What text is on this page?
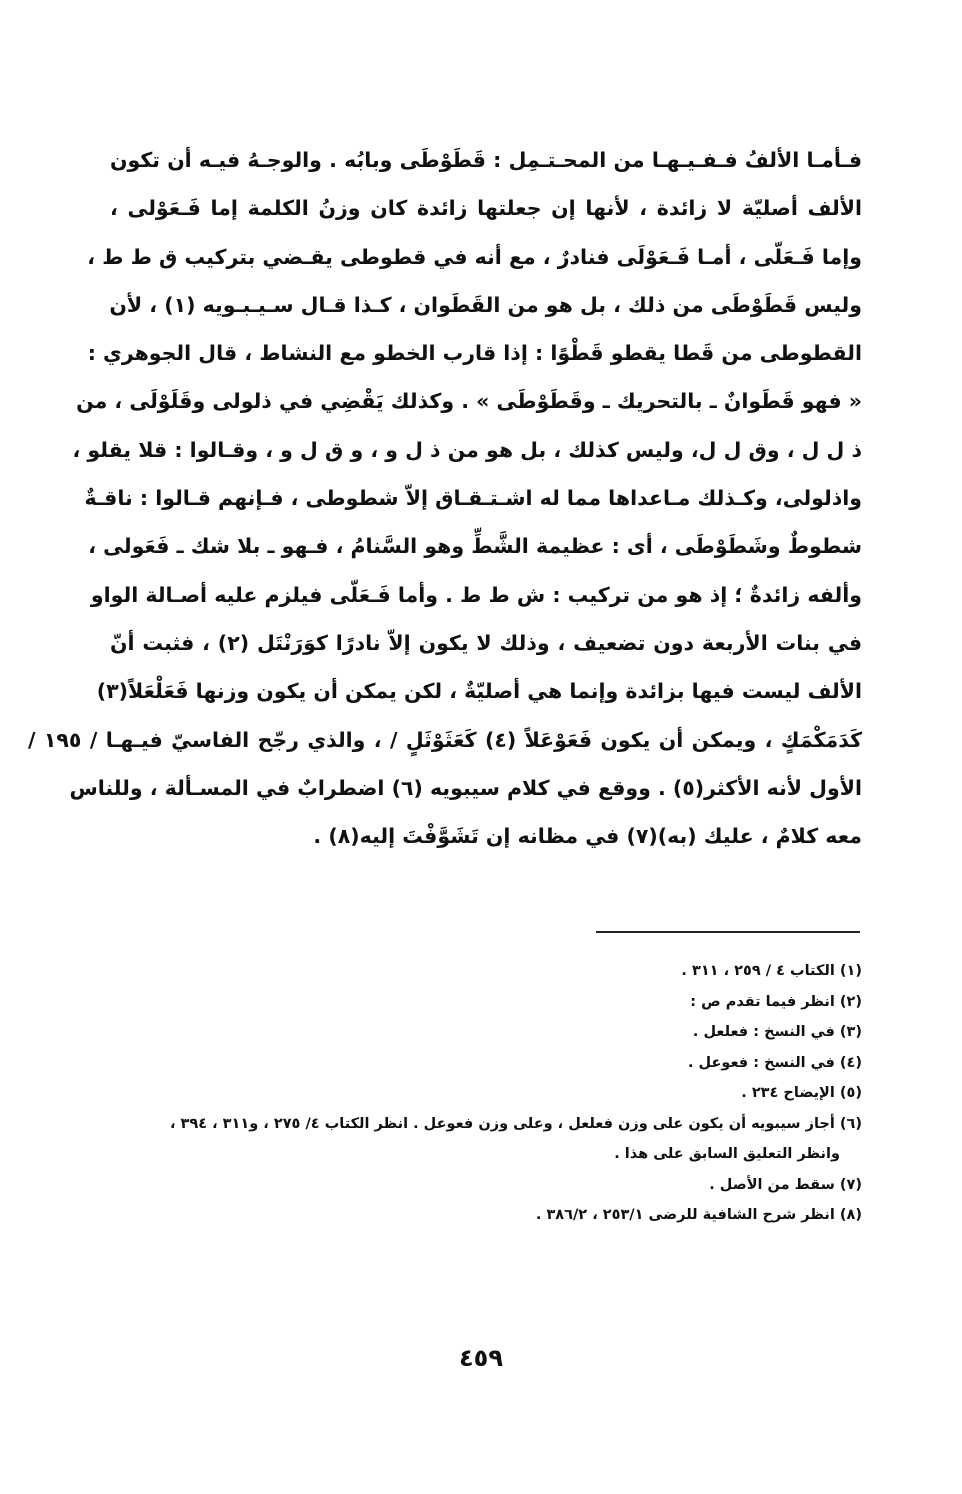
فـأمـا الألفُ فـفـيـهـا من المحـتـمِل : قَطَوْطَى وبابُه . والوجـهُ فيـه أن تكون
الألف أصليّة لا زائدة ، لأنها إن جعلتها زائدة كان وزنُ الكلمة إما فَـعَوْلى ،
وإما فَـعَلّى ، أمـا فَـعَوْلَى فنادرٌ ، مع أنه في قطوطى يقـضي بتركيب ق ط ط ،
وليس قَطَوْطَى من ذلك ، بل هو من القَطَوان ، كـذا قـال سـيـبـويه (١) ، لأن
القطوطى من قَطا يقطو قَطْوًا : إذا قارب الخطو مع النشاط ، قال الجوهري :
« فهو قَطَوانٌ ـ بالتحريك ـ وقَطَوْطَى » . وكذلك يَقْضِي في ذلولى وقَلَوْلَى ، من
ذ ل ل ، وق ل ل، وليس كذلك ، بل هو من ذ ل و ، و ق ل و ، وقـالوا : قلا يقلو ،
واذلولى، وكـذلك مـاعداها مما له اشـتـقـاق إلاّ شطوطى ، فـإنهم قـالوا : ناقـةٌ
شطوطٌ وشَطَوْطَى ، أى : عظيمة الشَّطِّ وهو السَّنامُ ، فـهو ـ بلا شك ـ فَعَولى ،
وألفه زائدةٌ ؛ إذ هو من تركيب : ش ط ط . وأما فَـعَلّى فيلزم عليه أصـالة الواو
في بنات الأربعة دون تضعيف ، وذلك لا يكون إلاّ نادرًا كوَرَنْتَل (٢) ، فثبت أنّ
الألف ليست فيها بزائدة وإنما هي أصليّةٌ ، لكن يمكن أن يكون وزنها فَعَلْعَلاً(٣)
كَدَمَكْمَكٍ ، ويمكن أن يكون فَعَوْعَلاً (٤) كَعَثَوْثَلٍ / ، والذي رجّح الفاسيّ فيـهـا / ١٩٥ /
الأول لأنه الأكثر(٥) . ووقع في كلام سيبويه (٦) اضطرابٌ في المسـألة ، وللناس
معه كلامٌ ، عليك (به)(٧) في مظانه إن تَشَوَّفْتَ إليه(٨) .
(١) الكتاب ٤ / ٢٥٩ ، ٣١١ .
(٢) انظر فيما تقدم ص :
(٣) في النسخ : فعلعل .
(٤) في النسخ : فعوعل .
(٥) الإيضاح ٢٣٤ .
(٦) أجاز سيبويه أن يكون على وزن فعلعل ، وعلى وزن فعوعل . انظر الكتاب ٤/ ٢٧٥ ، و٣١١ ، ٣٩٤ ،
وانظر التعليق السابق على هذا .
(٧) سقط من الأصل .
(٨) انظر شرح الشافية للرضى ٢٥٣/١ ، ٣٨٦/٢ .
٤٥٩
